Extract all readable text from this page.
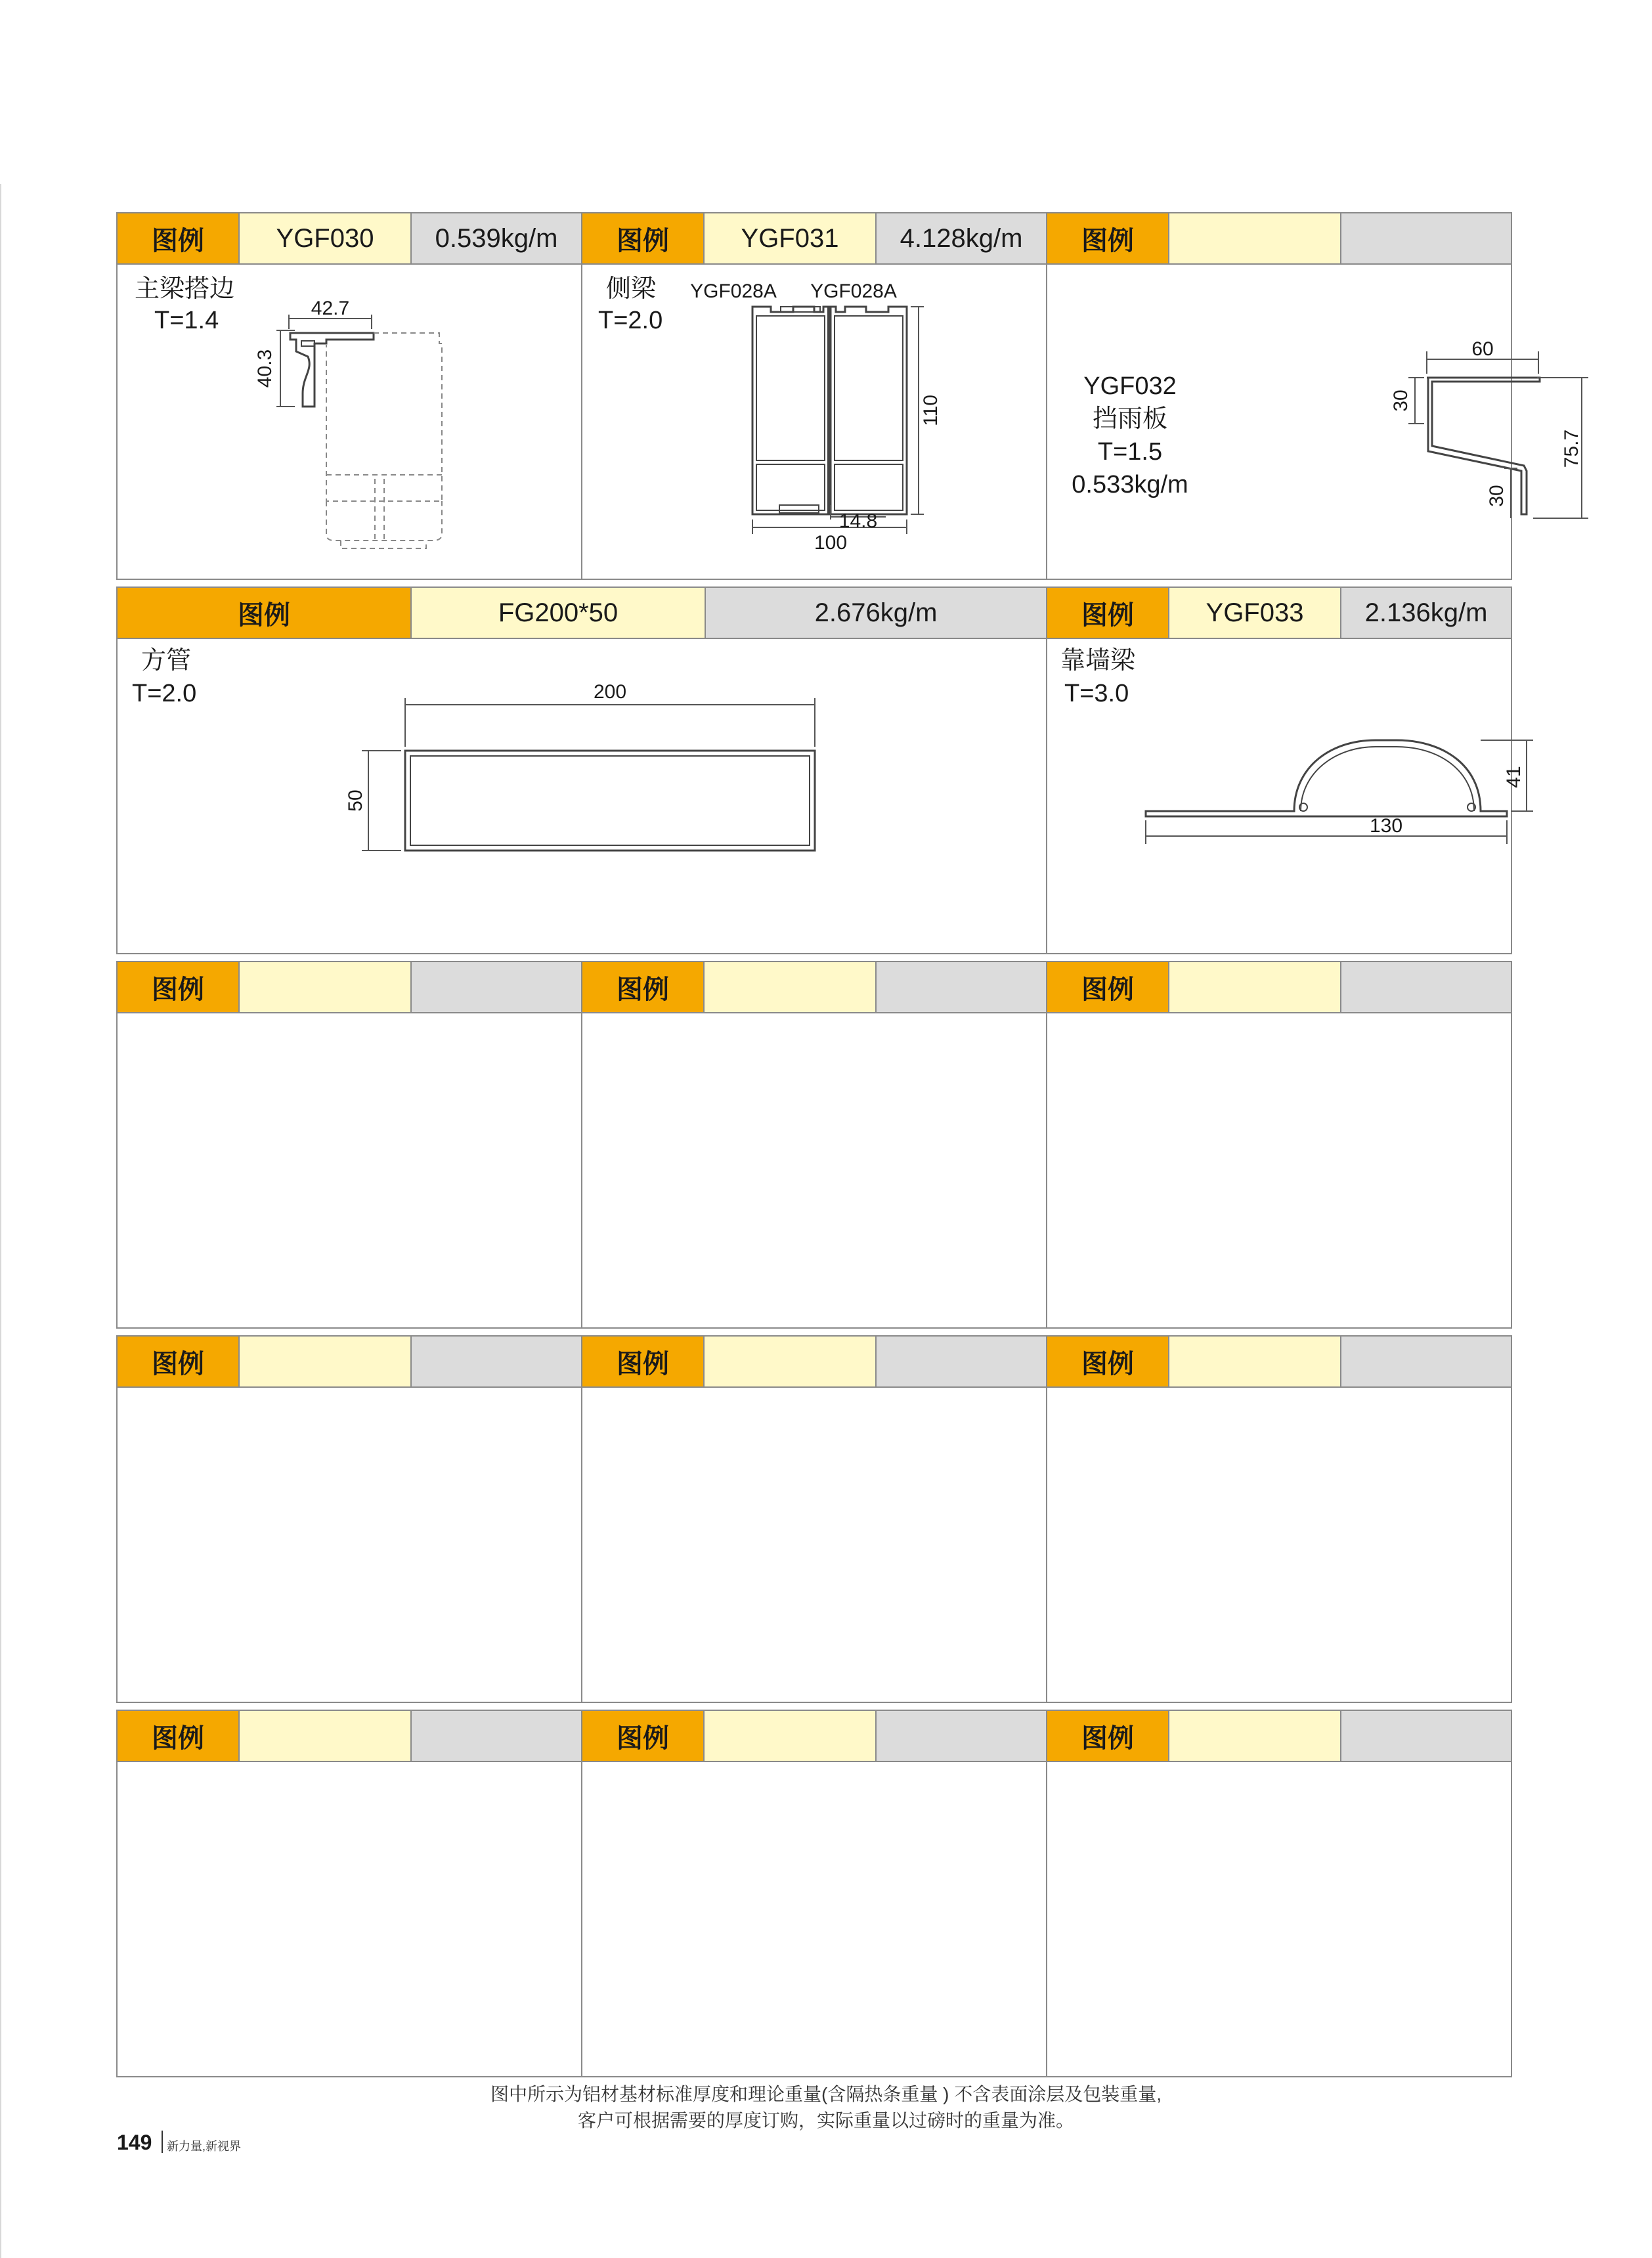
图例	YGF030	0.539kg/m	图例	YGF031	4.128kg/m	图例
主梁搭边
T=1.4	42.7
40.3
侧梁
T=2.0
YGF028A YGF028A
110
100
14.8
YGF032
挡雨板
T=1.5
0.533kg/m
60
30
75.7
30
图例	FG200*50	2.676kg/m	图例	YGF033	2.136kg/m
方管
T=2.0	200
50
靠墙梁
T=3.0
41
130
图例	图例	图例
图例	图例	图例
图例	图例	图例
图中所示为铝材基材标准厚度和理论重量(含隔热条重量 ) 不含表面涂层及包装重量,
客户可根据需要的厚度订购，实际重量以过磅时的重量为准。
149 新力量,新视界
